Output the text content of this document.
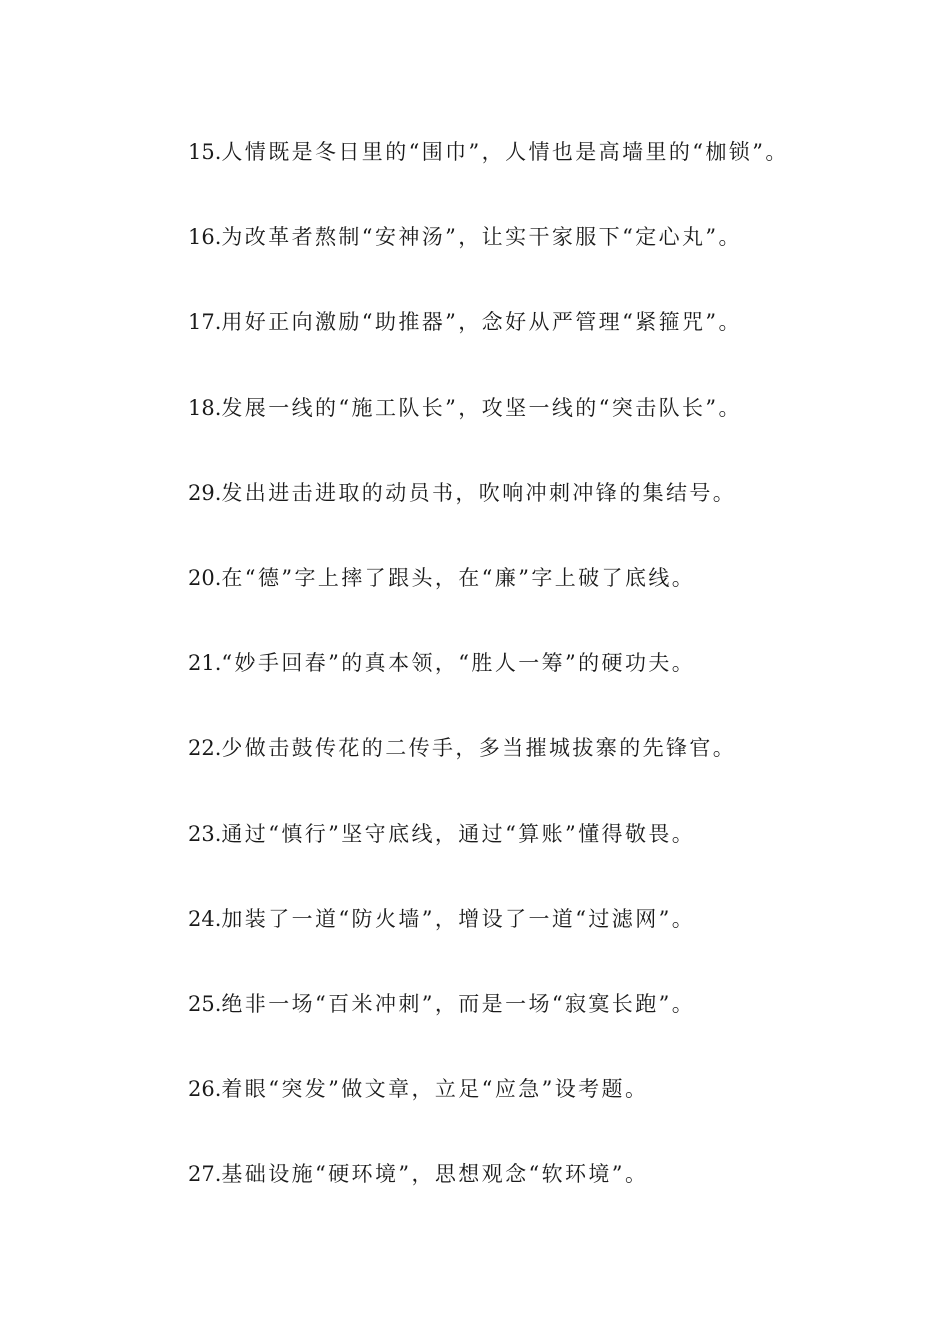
15.人情既是冬日里的“围巾”，人情也是高墙里的“枷锁”。
16.为改革者熬制“安神汤”，让实干家服下“定心丸”。
17.用好正向激励“助推器”，念好从严管理“紧箍咒”。
18.发展一线的“施工队长”，攻坚一线的“突击队长”。
29.发出进击进取的动员书，吹响冲刺冲锋的集结号。
20.在“德”字上摔了跟头，在“廉”字上破了底线。
21.“妙手回春”的真本领，“胜人一筹”的硬功夫。
22.少做击鼓传花的二传手，多当摧城拔寨的先锋官。
23.通过“慎行”坚守底线，通过“算账”懂得敬畏。
24.加装了一道“防火墙”，增设了一道“过滤网”。
25.绝非一场“百米冲刺”，而是一场“寂寞长跑”。
26.着眼“突发”做文章，立足“应急”设考题。
27.基础设施“硬环境”，思想观念“软环境”。
